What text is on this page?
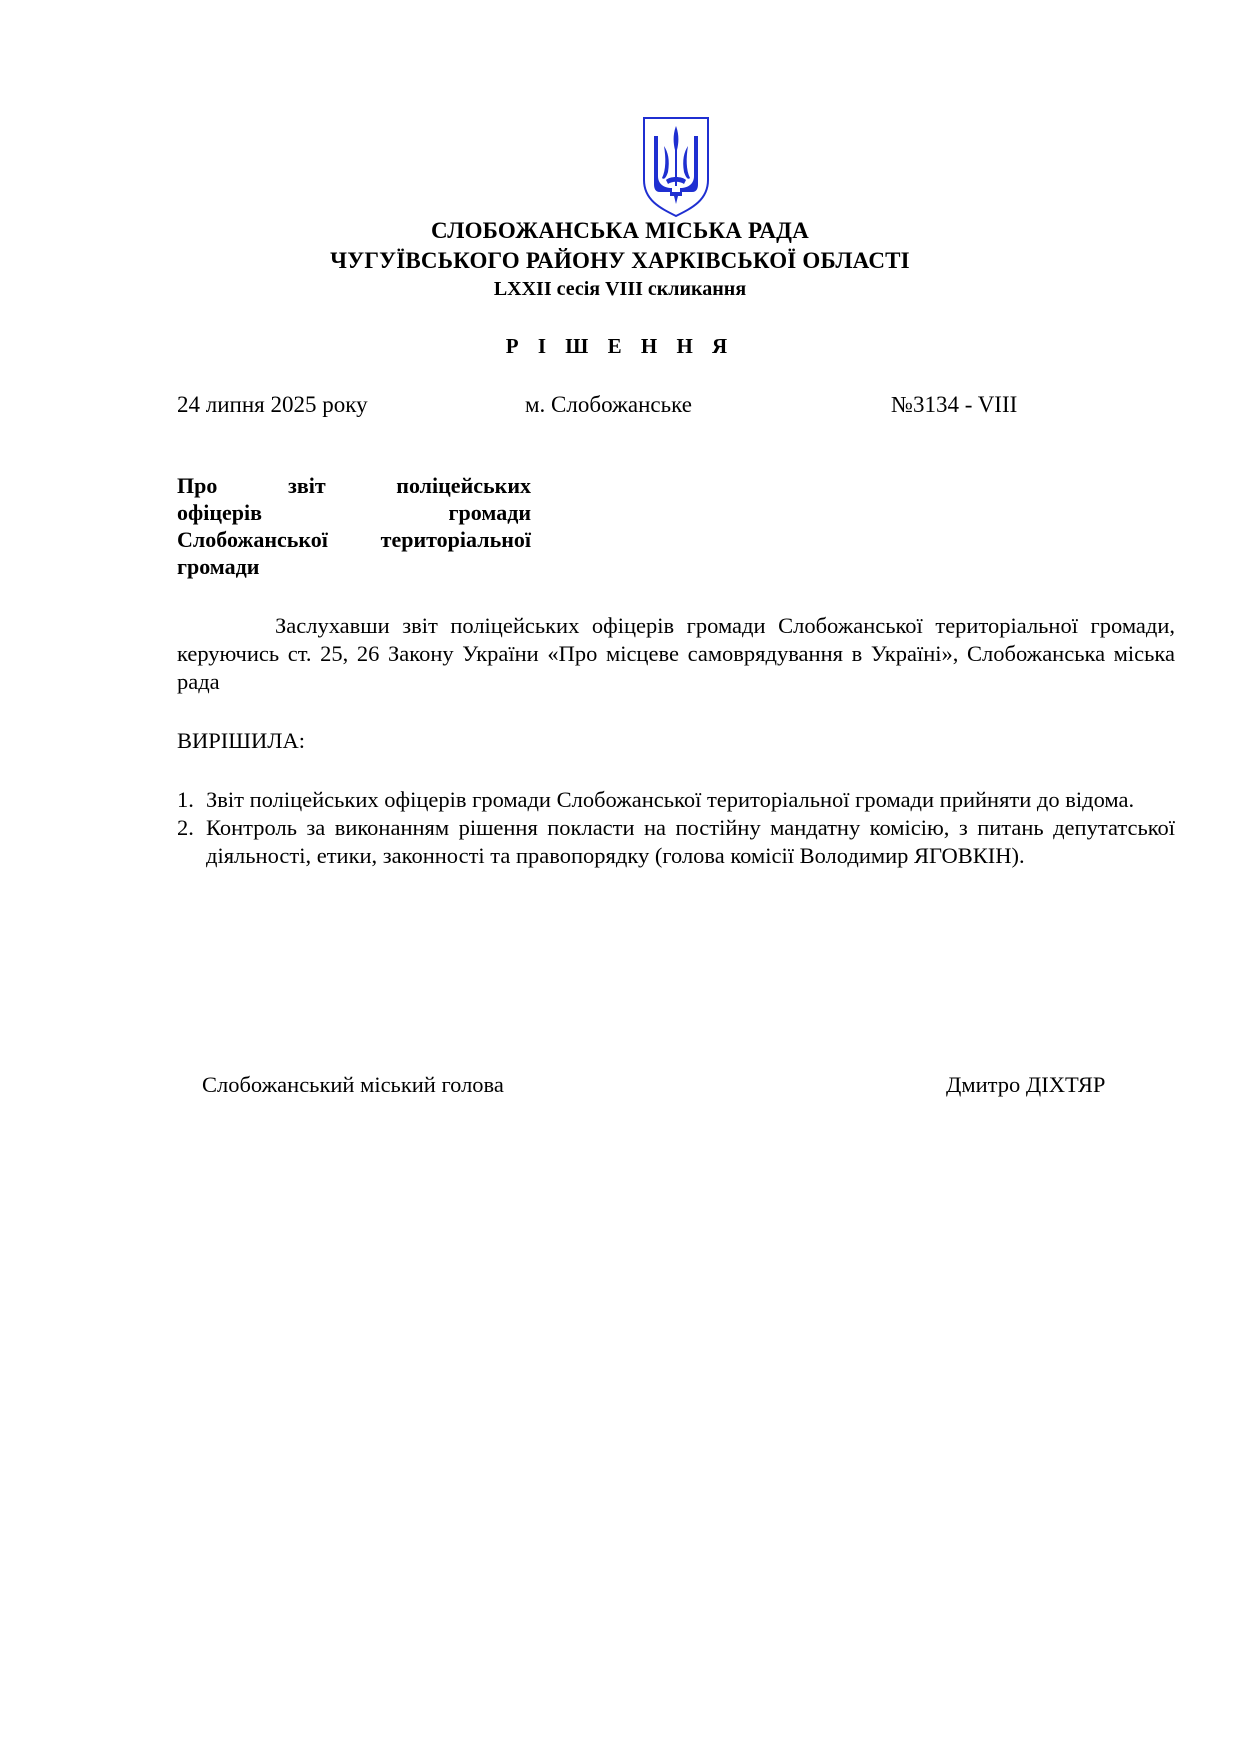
СЛОБОЖАНСЬКА МІСЬКА РАДА
ЧУГУЇВСЬКОГО РАЙОНУ ХАРКІВСЬКОЇ ОБЛАСТІ
LXXII сесія VIII скликання
Р І Ш Е Н Н Я
24 липня 2025 року	м. Слобожанське	№3134 - VIII
Про звіт поліцейських
офіцерів громади
Слобожанської територіальної
громади

Заслухавши звіт поліцейських офіцерів громади Слобожанської територіальної громади, керуючись ст. 25, 26 Закону України «Про місцеве самоврядування в Україні», Слобожанська міська рада

ВИРІШИЛА:
1. Звіт поліцейських офіцерів громади Слобожанської територіальної громади прийняти до відома.
2. Контроль за виконанням рішення покласти на постійну мандатну комісію, з питань депутатської діяльності, етики, законності та правопорядку (голова комісії Володимир ЯГОВКІН).
Слобожанський міський голова	Дмитро ДІХТЯР
